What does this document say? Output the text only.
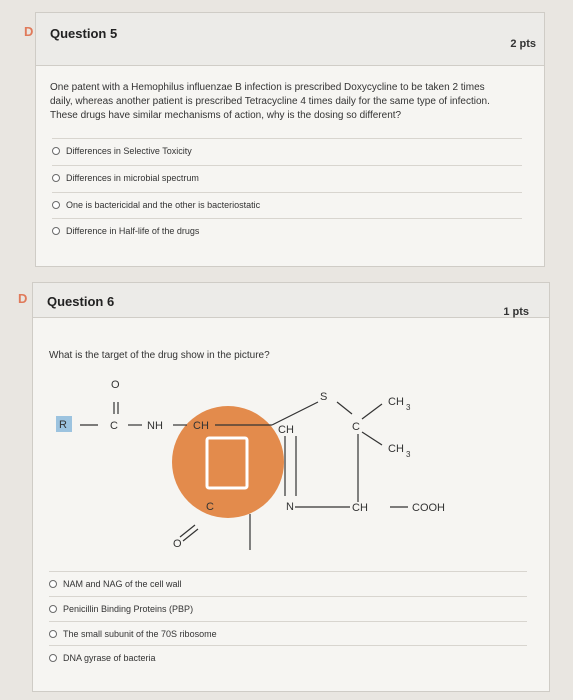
D Question 5
2 pts
One patent with a Hemophilus influenzae B infection is prescribed Doxycycline to be taken 2 times
daily, whereas another patient is prescribed Tetracycline 4 times daily for the same type of infection.
These drugs have similar mechanisms of action, why is the dosing so different?
Differences in Selective Toxicity
Differences in microbial spectrum
One is bactericidal and the other is bacteriostatic
Difference in Half-life of the drugs
D Question 6
1 pts
What is the target of the drug show in the picture?
NAM and NAG of the cell wall
Penicillin Binding Proteins (PBP)
The small subunit of the 70S ribosome
DNA gyrase of bacteria
O
R	C	NH	CH	CH
S
C
CH 3
CH 3
C	N
O
CH	COOH
